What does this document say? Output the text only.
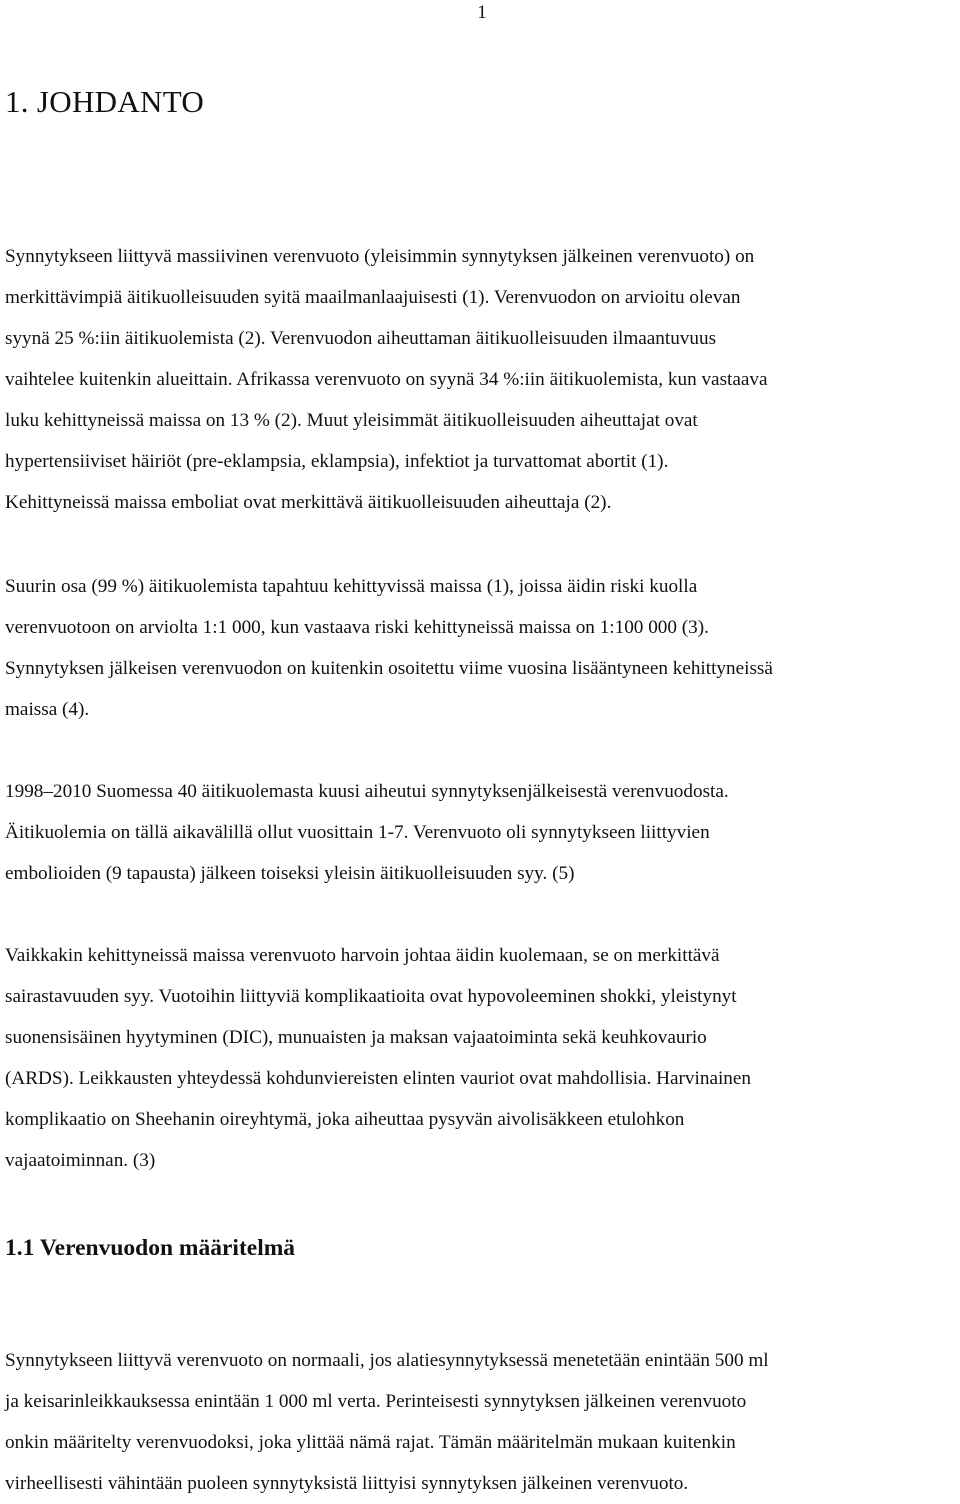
1
1. JOHDANTO

Synnytykseen liittyvä massiivinen verenvuoto (yleisimmin synnytyksen jälkeinen verenvuoto) on
merkittävimpiä äitikuolleisuuden syitä maailmanlaajuisesti (1). Verenvuodon on arvioitu olevan
syynä 25 %:iin äitikuolemista (2). Verenvuodon aiheuttaman äitikuolleisuuden ilmaantuvuus
vaihtelee kuitenkin alueittain. Afrikassa verenvuoto on syynä 34 %:iin äitikuolemista, kun vastaava
luku kehittyneissä maissa on 13 % (2). Muut yleisimmät äitikuolleisuuden aiheuttajat ovat
hypertensiiviset häiriöt (pre-eklampsia, eklampsia), infektiot ja turvattomat abortit (1).
Kehittyneissä maissa emboliat ovat merkittävä äitikuolleisuuden aiheuttaja (2).

Suurin osa (99 %) äitikuolemista tapahtuu kehittyvissä maissa (1), joissa äidin riski kuolla
verenvuotoon on arviolta 1:1 000, kun vastaava riski kehittyneissä maissa on 1:100 000 (3).
Synnytyksen jälkeisen verenvuodon on kuitenkin osoitettu viime vuosina lisääntyneen kehittyneissä
maissa (4).

1998–2010 Suomessa 40 äitikuolemasta kuusi aiheutui synnytyksenjälkeisestä verenvuodosta.
Äitikuolemia on tällä aikavälillä ollut vuosittain 1-7. Verenvuoto oli synnytykseen liittyvien
embolioiden (9 tapausta) jälkeen toiseksi yleisin äitikuolleisuuden syy. (5)

Vaikkakin kehittyneissä maissa verenvuoto harvoin johtaa äidin kuolemaan, se on merkittävä
sairastavuuden syy. Vuotoihin liittyviä komplikaatioita ovat hypovoleeminen shokki, yleistynyt
suonensisäinen hyytyminen (DIC), munuaisten ja maksan vajaatoiminta sekä keuhkovaurio
(ARDS). Leikkausten yhteydessä kohdunviereisten elinten vauriot ovat mahdollisia. Harvinainen
komplikaatio on Sheehanin oireyhtymä, joka aiheuttaa pysyvän aivolisäkkeen etulohkon
vajaatoiminnan. (3)

1.1 Verenvuodon määritelmä

Synnytykseen liittyvä verenvuoto on normaali, jos alatiesynnytyksessä menetetään enintään 500 ml
ja keisarinleikkauksessa enintään 1 000 ml verta. Perinteisesti synnytyksen jälkeinen verenvuoto
onkin määritelty verenvuodoksi, joka ylittää nämä rajat. Tämän määritelmän mukaan kuitenkin
virheellisesti vähintään puoleen synnytyksistä liittyisi synnytyksen jälkeinen verenvuoto.
